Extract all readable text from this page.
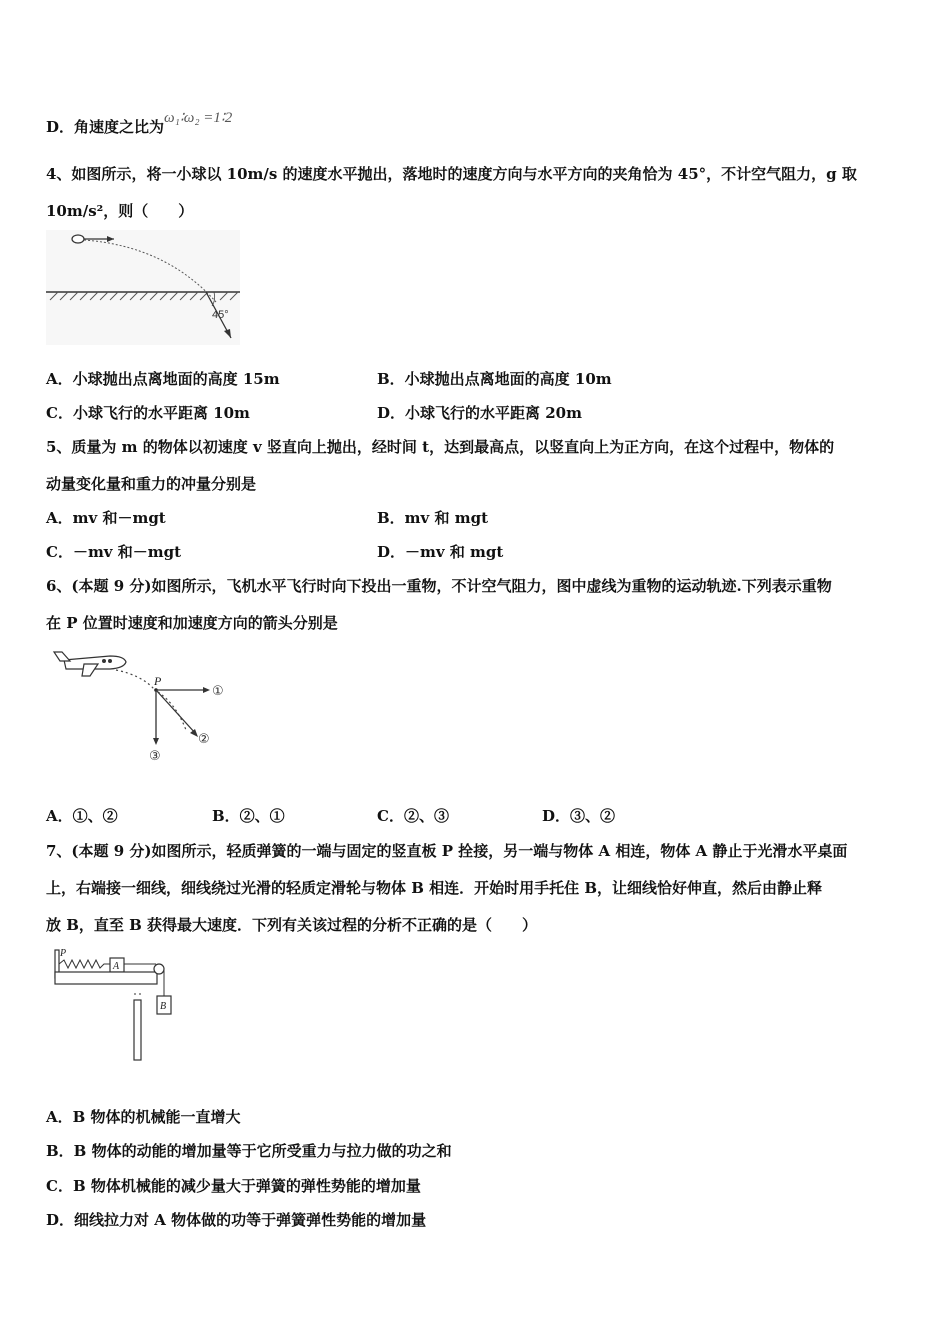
D．角速度之比为ω₁∶ω₂ =1∶2
4、如图所示，将一小球以 10m/s 的速度水平抛出，落地时的速度方向与水平方向的夹角恰为 45°，不计空气阻力，g 取
10m/s²，则（　　）
45°
A．小球抛出点离地面的高度 15m	B．小球抛出点离地面的高度 10m
C．小球飞行的水平距离 10m	D．小球飞行的水平距离 20m
5、质量为 m 的物体以初速度 v 竖直向上抛出，经时间 t，达到最高点，以竖直向上为正方向，在这个过程中，物体的
动量变化量和重力的冲量分别是
A．mv 和－mgt	B．mv 和 mgt
C．－mv 和－mgt	D．－mv 和 mgt
6、(本题 9 分)如图所示，飞机水平飞行时向下投出一重物，不计空气阻力，图中虚线为重物的运动轨迹.下列表示重物
在 P 位置时速度和加速度方向的箭头分别是
P
①
②
③
A．①、②	B．②、①	C．②、③	D．③、②
7、(本题 9 分)如图所示，轻质弹簧的一端与固定的竖直板 P 拴接，另一端与物体 A 相连，物体 A 静止于光滑水平桌面
上，右端接一细线，细线绕过光滑的轻质定滑轮与物体 B 相连．开始时用手托住 B，让细线恰好伸直，然后由静止释
放 B，直至 B 获得最大速度．下列有关该过程的分析不正确的是（　　）
P
A
B
A．B 物体的机械能一直增大
B．B 物体的动能的增加量等于它所受重力与拉力做的功之和
C．B 物体机械能的减少量大于弹簧的弹性势能的增加量
D．细线拉力对 A 物体做的功等于弹簧弹性势能的增加量
